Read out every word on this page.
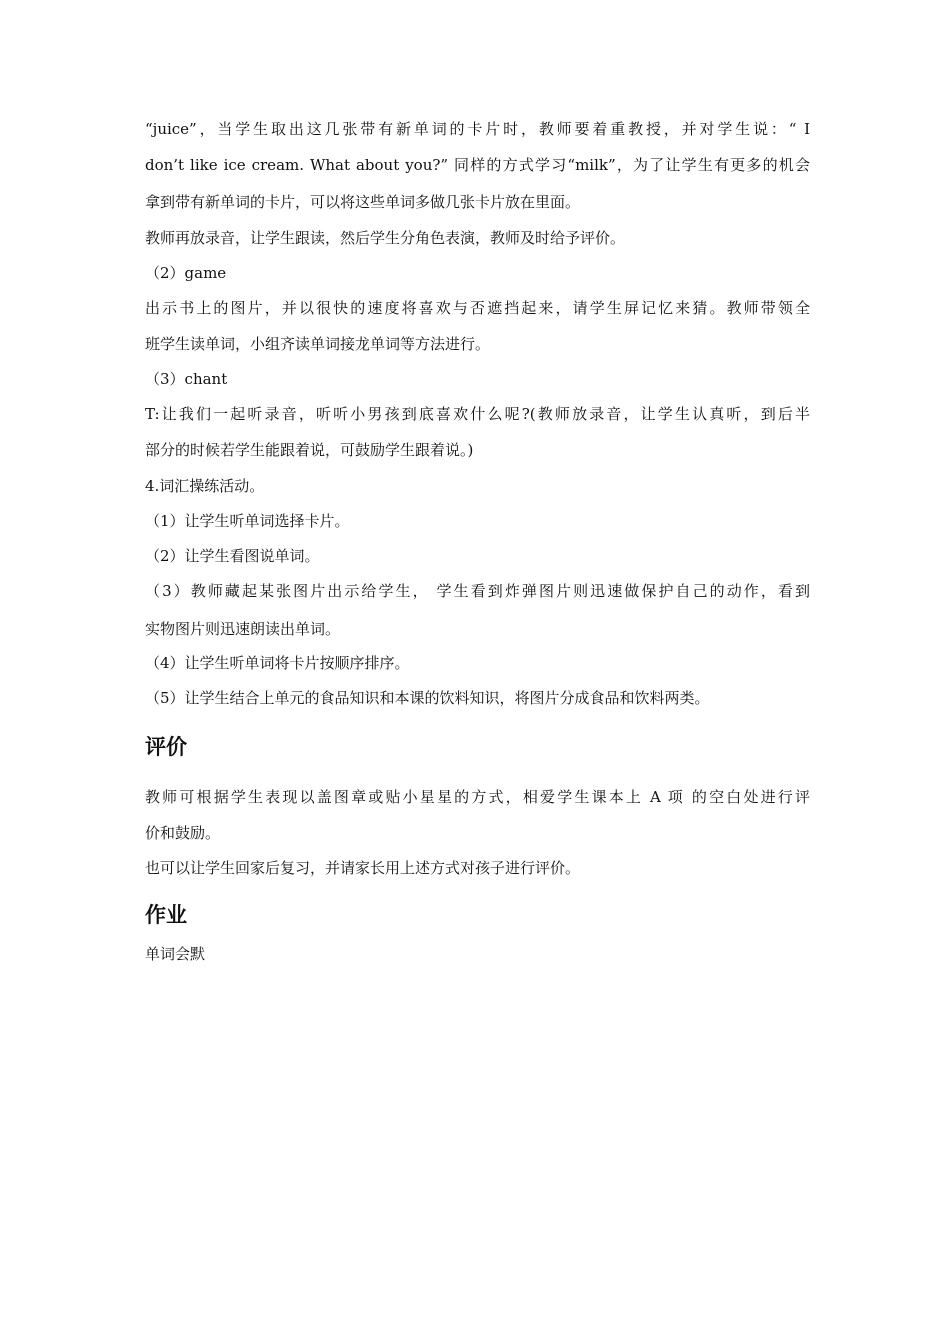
“juice”，当学生取出这几张带有新单词的卡片时，教师要着重教授，并对学生说：“ I
don’t like ice cream. What about you?” 同样的方式学习“milk”，为了让学生有更多的机会
拿到带有新单词的卡片，可以将这些单词多做几张卡片放在里面。
教师再放录音，让学生跟读，然后学生分角色表演，教师及时给予评价。
（2）game
出示书上的图片，并以很快的速度将喜欢与否遮挡起来，请学生屏记忆来猜。教师带领全
班学生读单词，小组齐读单词接龙单词等方法进行。
（3）chant
T:让我们一起听录音，听听小男孩到底喜欢什么呢?(教师放录音，让学生认真听，到后半
部分的时候若学生能跟着说，可鼓励学生跟着说。)
4.词汇操练活动。
（1）让学生听单词选择卡片。
（2）让学生看图说单词。
（3）教师藏起某张图片出示给学生， 学生看到炸弹图片则迅速做保护自己的动作，看到
实物图片则迅速朗读出单词。
（4）让学生听单词将卡片按顺序排序。
（5）让学生结合上单元的食品知识和本课的饮料知识，将图片分成食品和饮料两类。
评价
教师可根据学生表现以盖图章或贴小星星的方式，相爱学生课本上 A 项 的空白处进行评
价和鼓励。
也可以让学生回家后复习，并请家长用上述方式对孩子进行评价。
作业
单词会默
